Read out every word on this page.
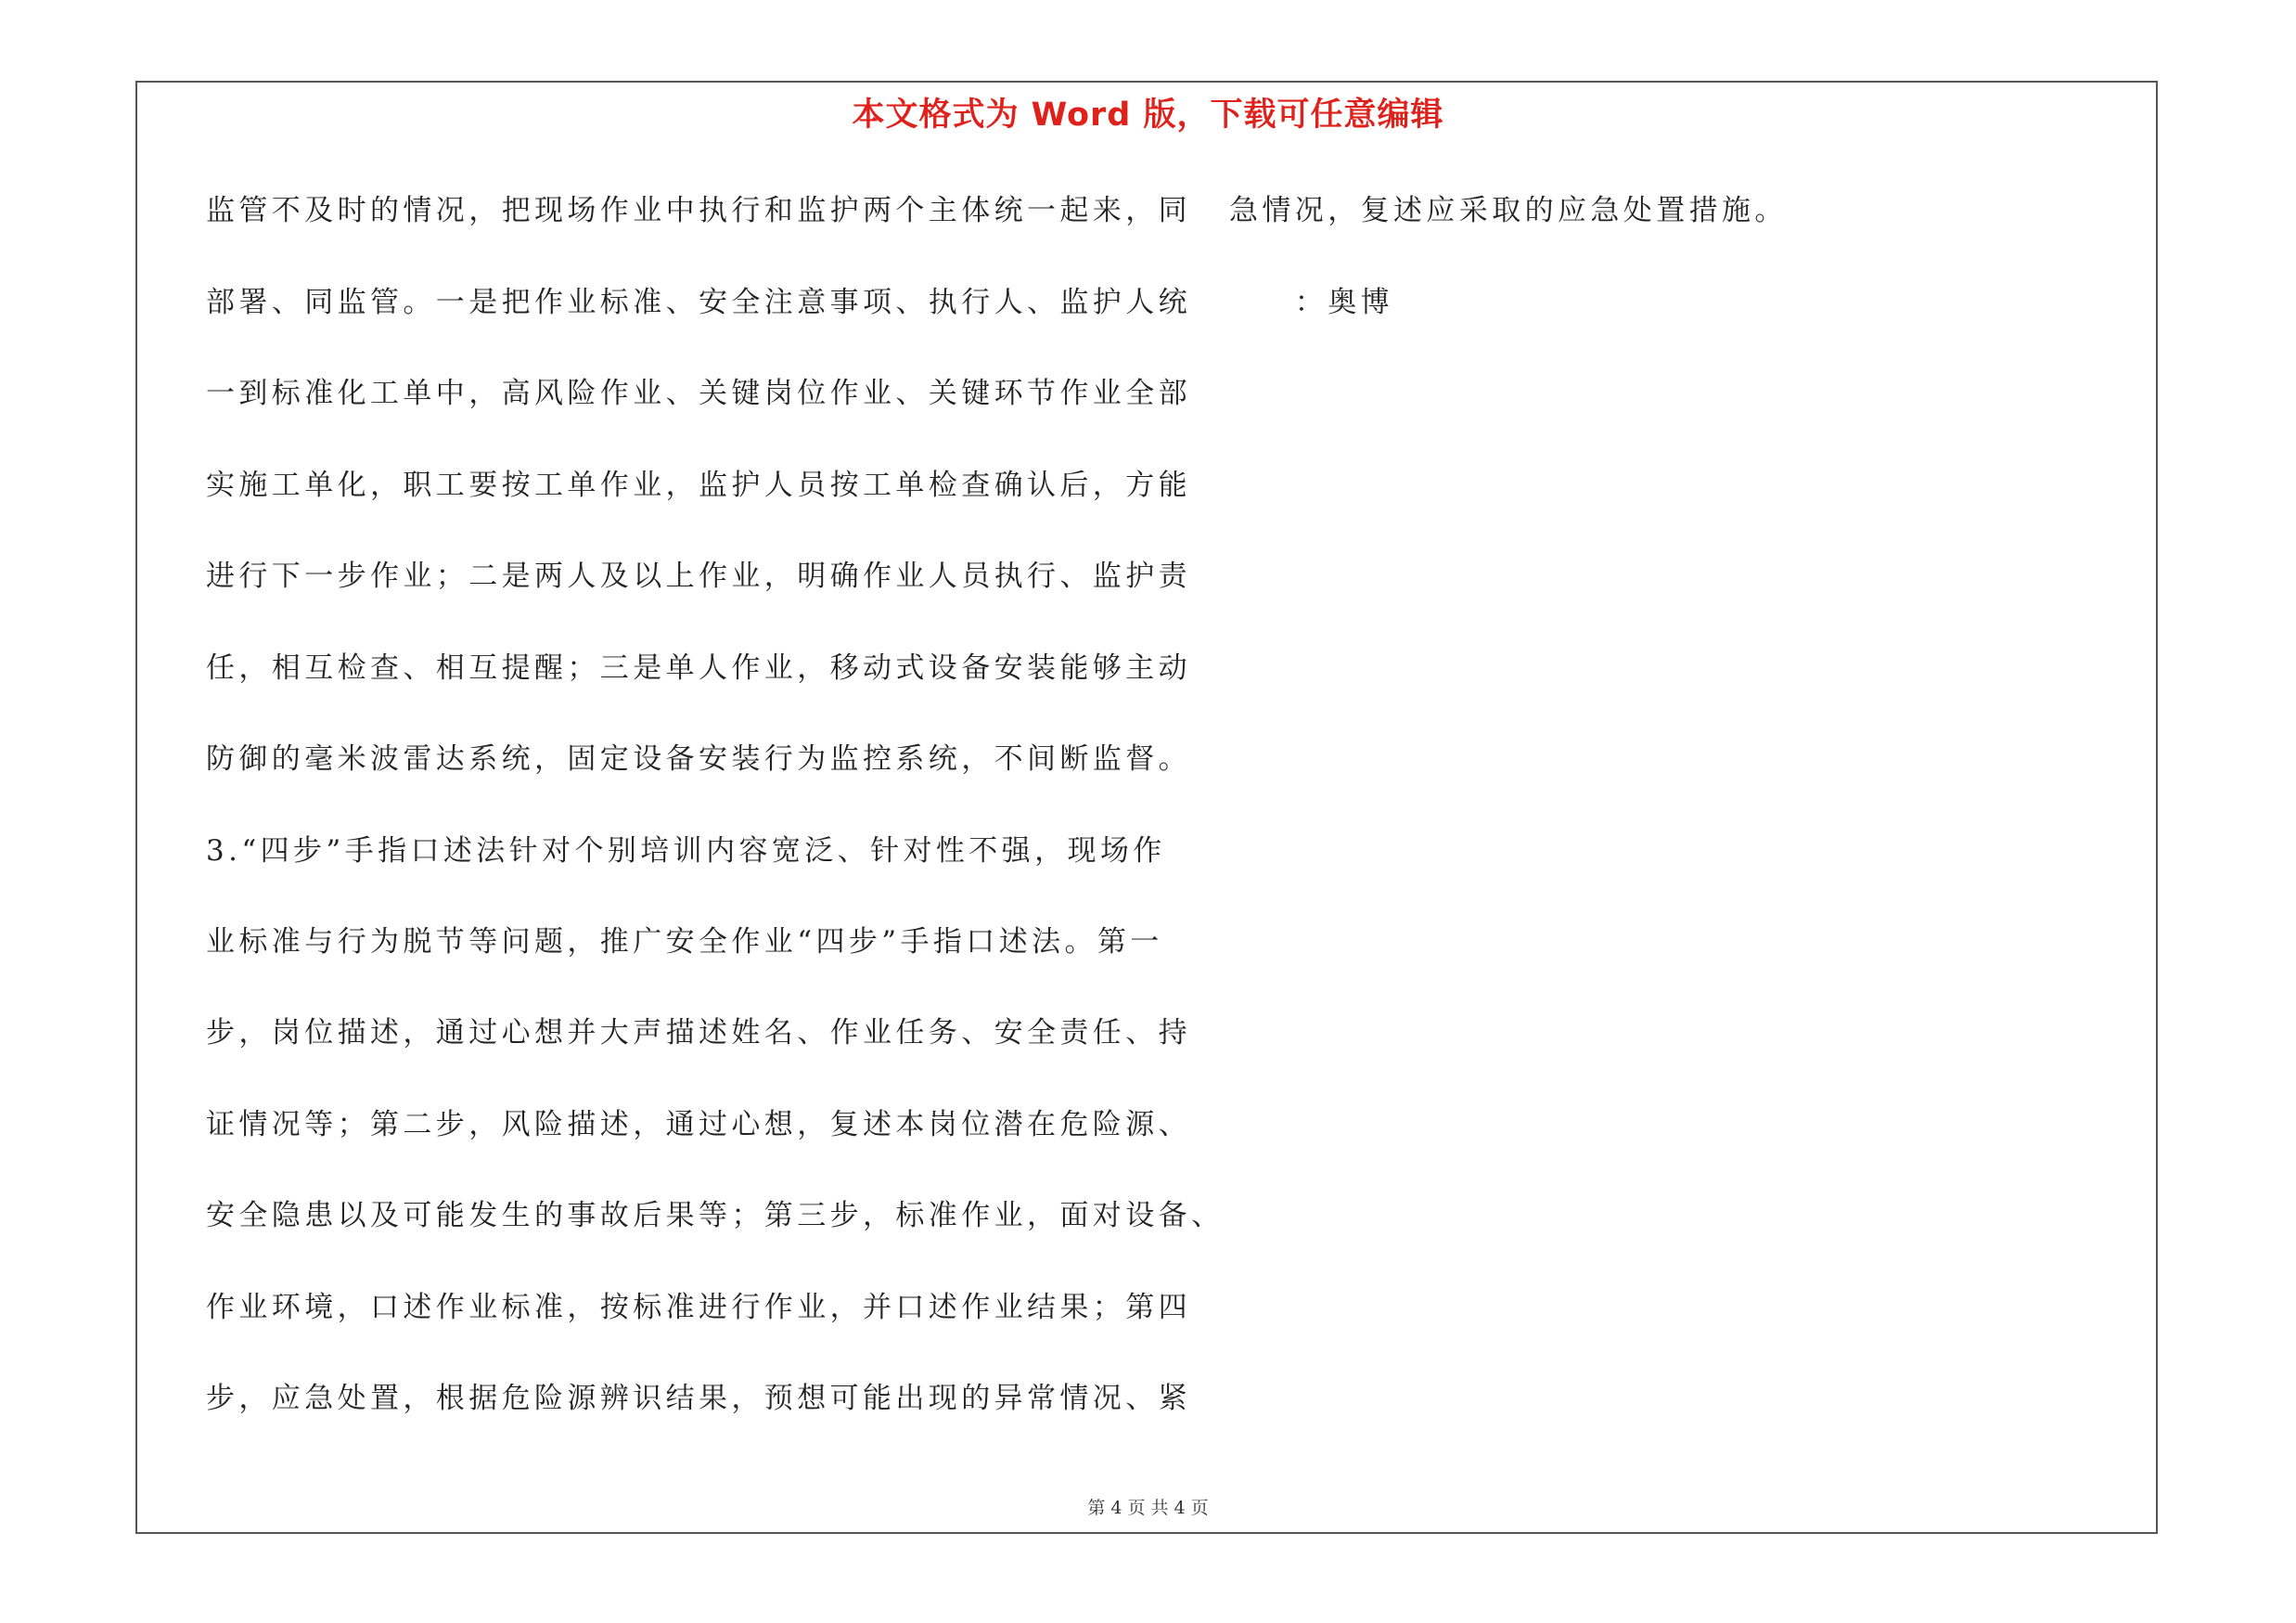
本文格式为 Word 版，下载可任意编辑
监管不及时的情况，把现场作业中执行和监护两个主体统一起来，同
部署、同监管。一是把作业标准、安全注意事项、执行人、监护人统
一到标准化工单中，高风险作业、关键岗位作业、关键环节作业全部
实施工单化，职工要按工单作业，监护人员按工单检查确认后，方能
进行下一步作业；二是两人及以上作业，明确作业人员执行、监护责
任，相互检查、相互提醒；三是单人作业，移动式设备安装能够主动
防御的毫米波雷达系统，固定设备安装行为监控系统，不间断监督。
3.“四步”手指口述法针对个别培训内容宽泛、针对性不强，现场作
业标准与行为脱节等问题，推广安全作业“四步”手指口述法。第一
步，岗位描述，通过心想并大声描述姓名、作业任务、安全责任、持
证情况等；第二步，风险描述，通过心想，复述本岗位潜在危险源、
安全隐患以及可能发生的事故后果等；第三步，标准作业，面对设备、
作业环境，口述作业标准，按标准进行作业，并口述作业结果；第四
步，应急处置，根据危险源辨识结果，预想可能出现的异常情况、紧
急情况，复述应采取的应急处置措施。
　　：奥博
第 4 页 共 4 页
